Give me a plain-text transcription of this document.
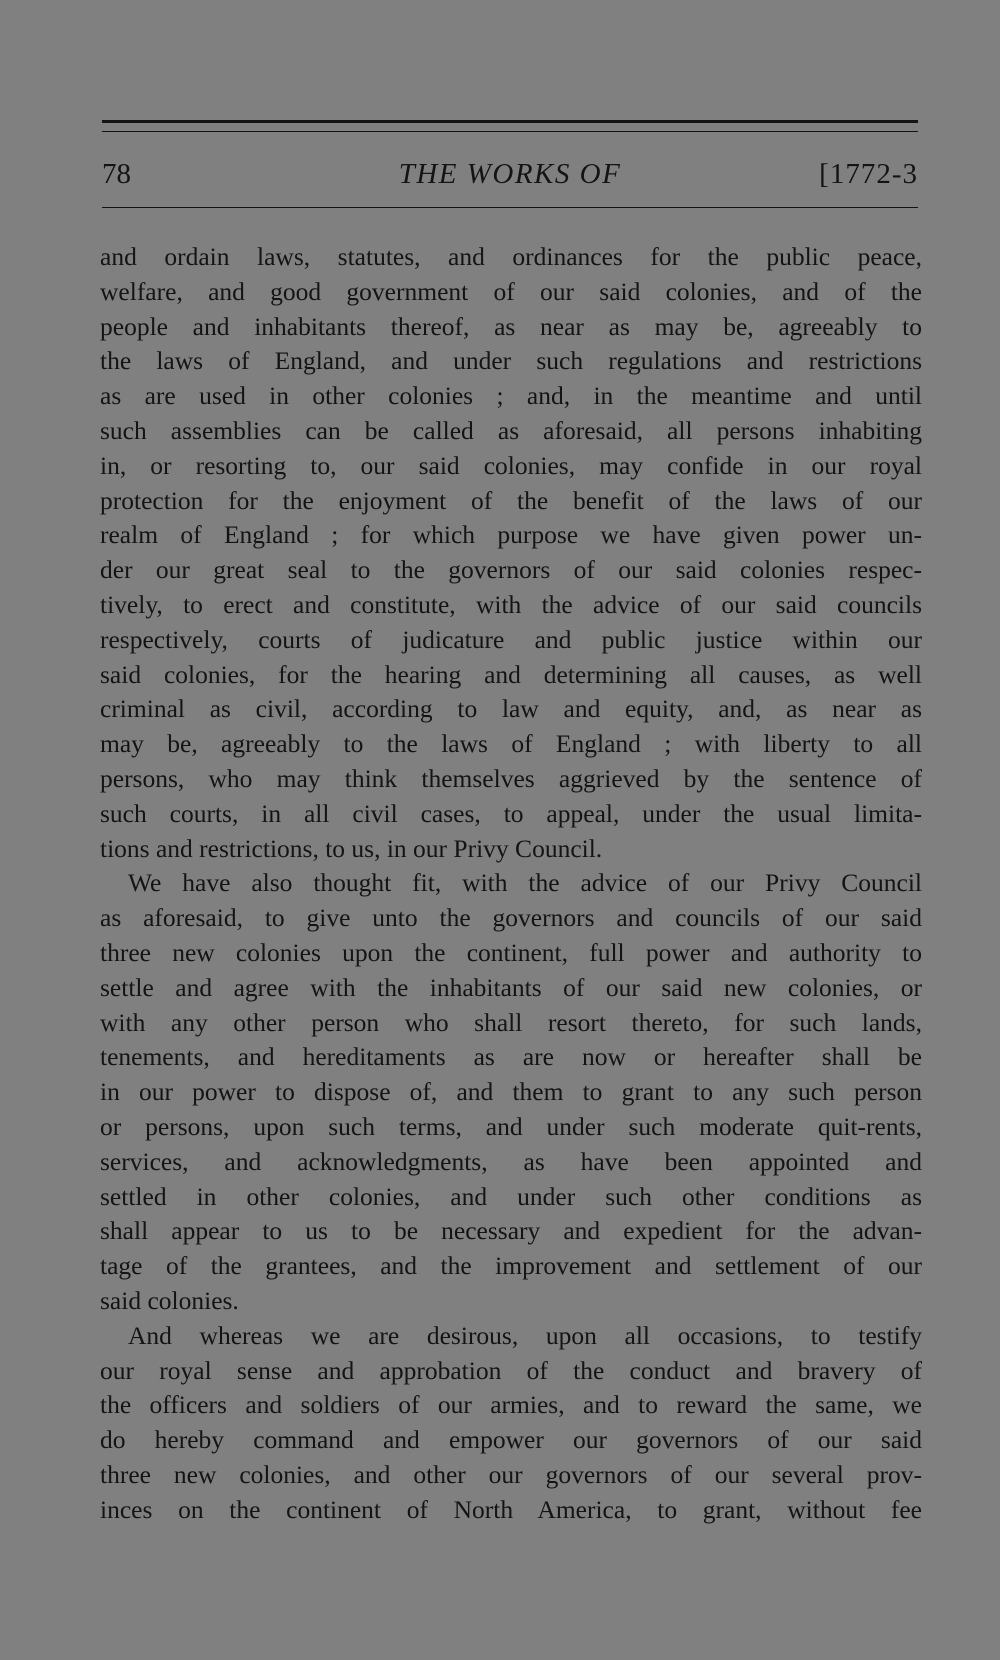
78	THE WORKS OF	[1772-3
and ordain laws, statutes, and ordinances for the public peace,
welfare, and good government of our said colonies, and of the
people and inhabitants thereof, as near as may be, agreeably to
the laws of England, and under such regulations and restrictions
as are used in other colonies ; and, in the meantime and until
such assemblies can be called as aforesaid, all persons inhabiting
in, or resorting to, our said colonies, may confide in our royal
protection for the enjoyment of the benefit of the laws of our
realm of England ; for which purpose we have given power un-
der our great seal to the governors of our said colonies respec-
tively, to erect and constitute, with the advice of our said councils
respectively, courts of judicature and public justice within our
said colonies, for the hearing and determining all causes, as well
criminal as civil, according to law and equity, and, as near as
may be, agreeably to the laws of England ; with liberty to all
persons, who may think themselves aggrieved by the sentence of
such courts, in all civil cases, to appeal, under the usual limita-
tions and restrictions, to us, in our Privy Council.
We have also thought fit, with the advice of our Privy Council
as aforesaid, to give unto the governors and councils of our said
three new colonies upon the continent, full power and authority to
settle and agree with the inhabitants of our said new colonies, or
with any other person who shall resort thereto, for such lands,
tenements, and hereditaments as are now or hereafter shall be
in our power to dispose of, and them to grant to any such person
or persons, upon such terms, and under such moderate quit-rents,
services, and acknowledgments, as have been appointed and
settled in other colonies, and under such other conditions as
shall appear to us to be necessary and expedient for the advan-
tage of the grantees, and the improvement and settlement of our
said colonies.
And whereas we are desirous, upon all occasions, to testify
our royal sense and approbation of the conduct and bravery of
the officers and soldiers of our armies, and to reward the same, we
do hereby command and empower our governors of our said
three new colonies, and other our governors of our several prov-
inces on the continent of North America, to grant, without fee
